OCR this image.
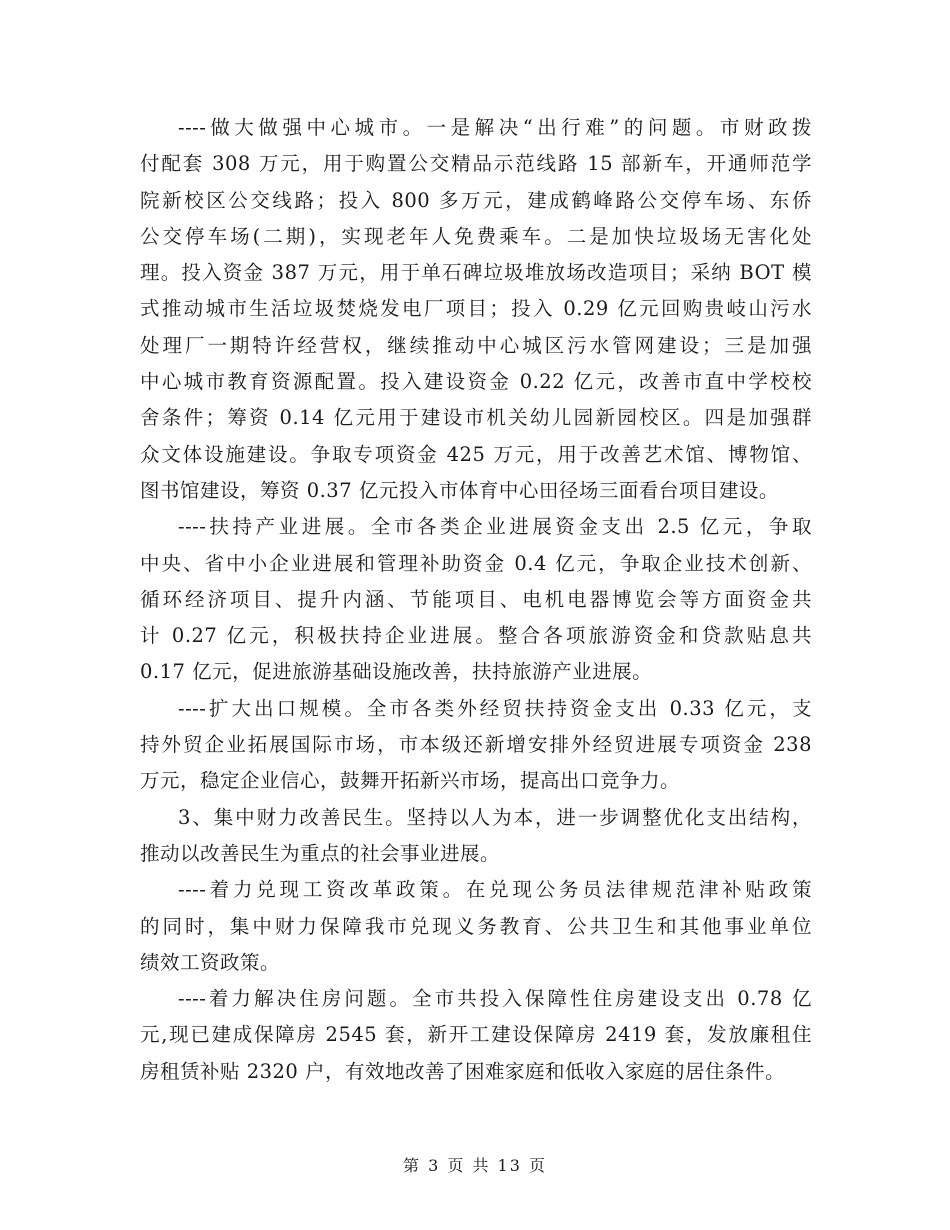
----做大做强中心城市。一是解决“出行难”的问题。市财政拨
付配套 308 万元，用于购置公交精品示范线路 15 部新车，开通师范学
院新校区公交线路；投入 800 多万元，建成鹤峰路公交停车场、东侨
公交停车场(二期)，实现老年人免费乘车。二是加快垃圾场无害化处
理。投入资金 387 万元，用于单石碑垃圾堆放场改造项目；采纳 BOT 模
式推动城市生活垃圾焚烧发电厂项目；投入 0.29 亿元回购贵岐山污水
处理厂一期特许经营权，继续推动中心城区污水管网建设；三是加强
中心城市教育资源配置。投入建设资金 0.22 亿元，改善市直中学校校
舍条件；筹资 0.14 亿元用于建设市机关幼儿园新园校区。四是加强群
众文体设施建设。争取专项资金 425 万元，用于改善艺术馆、博物馆、
图书馆建设，筹资 0.37 亿元投入市体育中心田径场三面看台项目建设。
----扶持产业进展。全市各类企业进展资金支出 2.5 亿元，争取
中央、省中小企业进展和管理补助资金 0.4 亿元，争取企业技术创新、
循环经济项目、提升内涵、节能项目、电机电器博览会等方面资金共
计 0.27 亿元，积极扶持企业进展。整合各项旅游资金和贷款贴息共
0.17 亿元，促进旅游基础设施改善，扶持旅游产业进展。
----扩大出口规模。全市各类外经贸扶持资金支出 0.33 亿元，支
持外贸企业拓展国际市场，市本级还新增安排外经贸进展专项资金 238
万元，稳定企业信心，鼓舞开拓新兴市场，提高出口竞争力。
3、集中财力改善民生。坚持以人为本，进一步调整优化支出结构，
推动以改善民生为重点的社会事业进展。
----着力兑现工资改革政策。在兑现公务员法律规范津补贴政策
的同时，集中财力保障我市兑现义务教育、公共卫生和其他事业单位
绩效工资政策。
----着力解决住房问题。全市共投入保障性住房建设支出 0.78 亿
元,现已建成保障房 2545 套，新开工建设保障房 2419 套，发放廉租住
房租赁补贴 2320 户，有效地改善了困难家庭和低收入家庭的居住条件。
第 3 页 共 13 页
